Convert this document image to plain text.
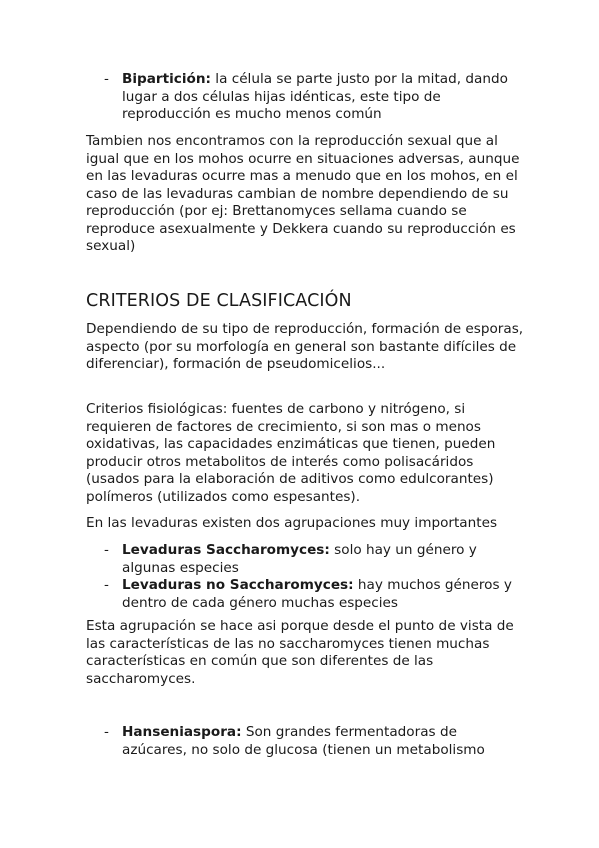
- Bipartición: la célula se parte justo por la mitad, dando lugar a dos células hijas idénticas, este tipo de reproducción es mucho menos común

Tambien nos encontramos con la reproducción sexual que al igual que en los mohos ocurre en situaciones adversas, aunque en las levaduras ocurre mas a menudo que en los mohos, en el caso de las levaduras cambian de nombre dependiendo de su reproducción (por ej: Brettanomyces sellama cuando se reproduce asexualmente y Dekkera cuando su reproducción es sexual)

CRITERIOS DE CLASIFICACIÓN

Dependiendo de su tipo de reproducción, formación de esporas, aspecto (por su morfología en general son bastante difíciles de diferenciar), formación de pseudomicelios...

Criterios fisiológicas: fuentes de carbono y nitrógeno, si requieren de factores de crecimiento, si son mas o menos oxidativas, las capacidades enzimáticas que tienen, pueden producir otros metabolitos de interés como polisacáridos (usados para la elaboración de aditivos como edulcorantes) polímeros (utilizados como espesantes).

En las levaduras existen dos agrupaciones muy importantes

- Levaduras Saccharomyces: solo hay un género y algunas especies
- Levaduras no Saccharomyces: hay muchos géneros y dentro de cada género muchas especies

Esta agrupación se hace asi porque desde el punto de vista de las características de las no saccharomyces tienen muchas características en común que son diferentes de las saccharomyces.

- Hanseniaspora: Son grandes fermentadoras de azúcares, no solo de glucosa (tienen un metabolismo
